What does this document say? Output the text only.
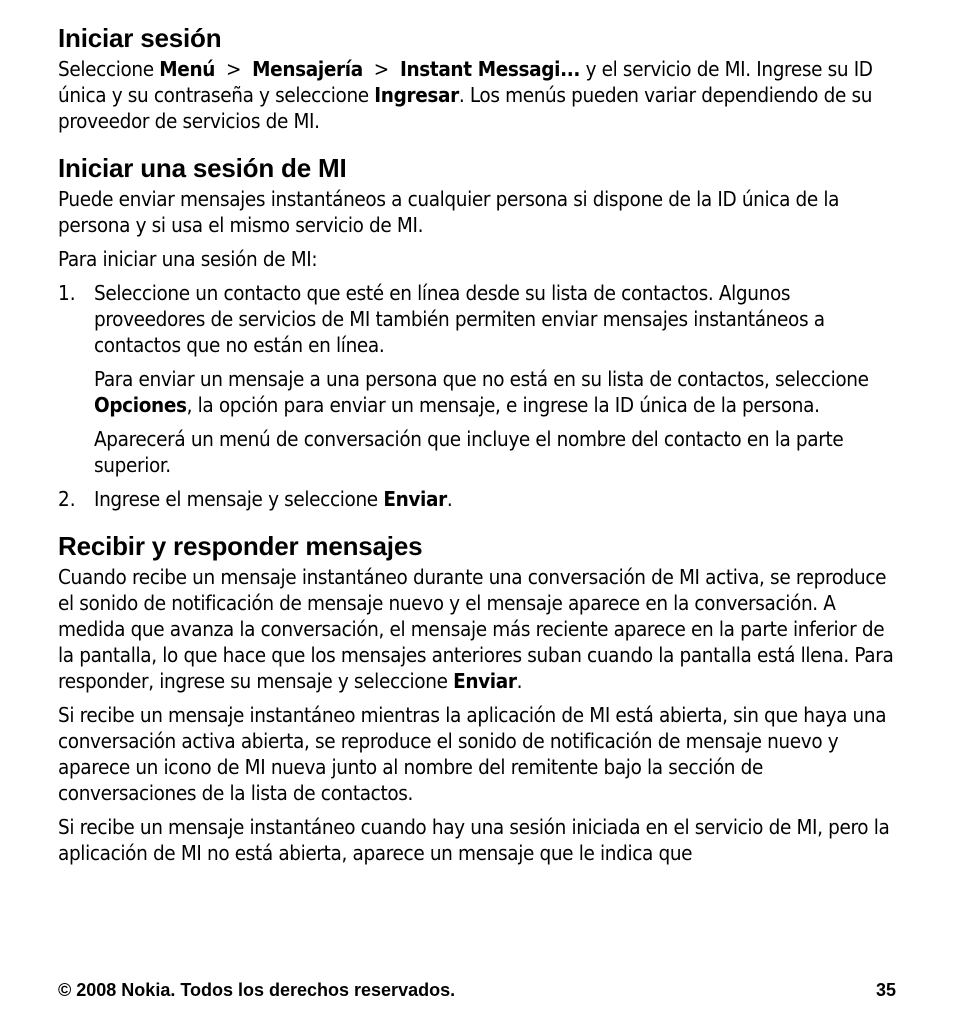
Iniciar sesión

Seleccione Menú  >  Mensajería  >  Instant Messagi... y el servicio de MI. Ingrese su ID única y su contraseña y seleccione Ingresar. Los menús pueden variar dependiendo de su proveedor de servicios de MI.

Iniciar una sesión de MI

Puede enviar mensajes instantáneos a cualquier persona si dispone de la ID única de la persona y si usa el mismo servicio de MI.

Para iniciar una sesión de MI:

1. Seleccione un contacto que esté en línea desde su lista de contactos. Algunos proveedores de servicios de MI también permiten enviar mensajes instantáneos a contactos que no están en línea.

Para enviar un mensaje a una persona que no está en su lista de contactos, seleccione Opciones, la opción para enviar un mensaje, e ingrese la ID única de la persona.

Aparecerá un menú de conversación que incluye el nombre del contacto en la parte superior.

2. Ingrese el mensaje y seleccione Enviar.

Recibir y responder mensajes

Cuando recibe un mensaje instantáneo durante una conversación de MI activa, se reproduce el sonido de notificación de mensaje nuevo y el mensaje aparece en la conversación. A medida que avanza la conversación, el mensaje más reciente aparece en la parte inferior de la pantalla, lo que hace que los mensajes anteriores suban cuando la pantalla está llena. Para responder, ingrese su mensaje y seleccione Enviar.

Si recibe un mensaje instantáneo mientras la aplicación de MI está abierta, sin que haya una conversación activa abierta, se reproduce el sonido de notificación de mensaje nuevo y aparece un icono de MI nueva junto al nombre del remitente bajo la sección de conversaciones de la lista de contactos.

Si recibe un mensaje instantáneo cuando hay una sesión iniciada en el servicio de MI, pero la aplicación de MI no está abierta, aparece un mensaje que le indica que

© 2008 Nokia. Todos los derechos reservados.	35
